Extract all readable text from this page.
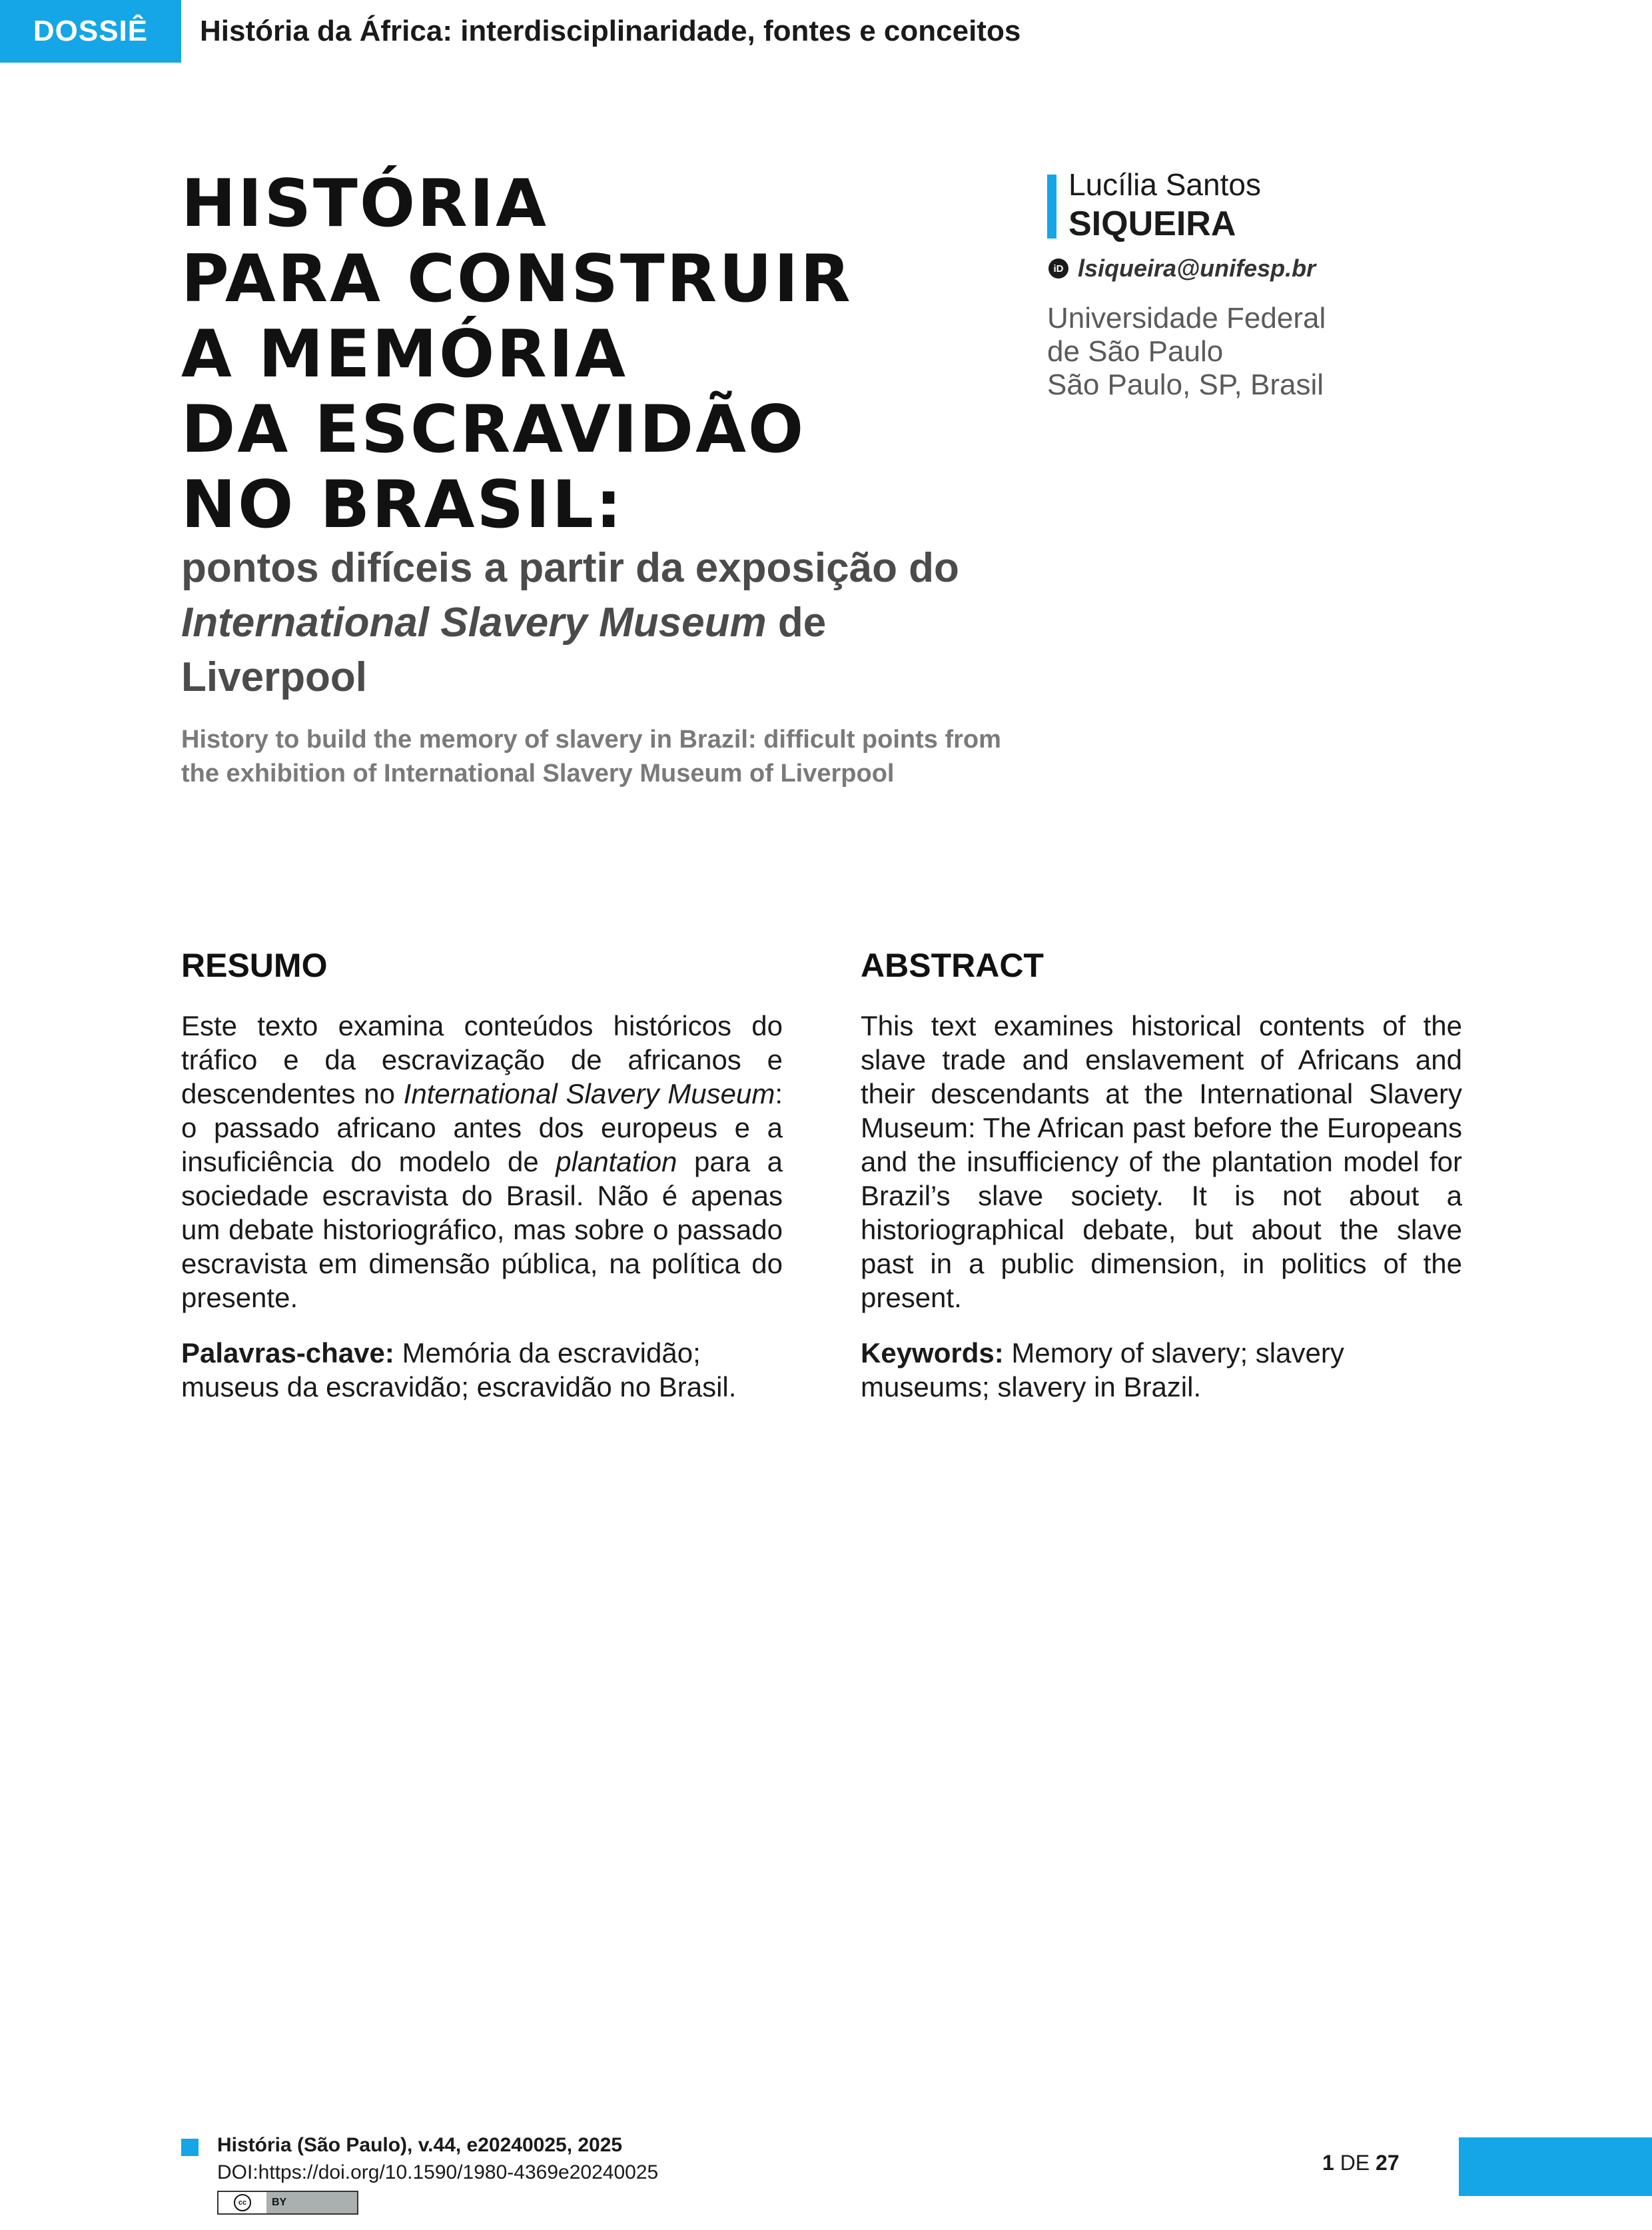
DOSSIÊ	História da África: interdisciplinaridade, fontes e conceitos
HISTÓRIA
PARA CONSTRUIR
A MEMÓRIA
DA ESCRAVIDÃO
NO BRASIL:
pontos difíceis a partir da exposição do International Slavery Museum de Liverpool
History to build the memory of slavery in Brazil: difficult points from the exhibition of International Slavery Museum of Liverpool
Lucília Santos
SIQUEIRA
iD lsiqueira@unifesp.br
Universidade Federal
de São Paulo
São Paulo, SP, Brasil
RESUMO
Este texto examina conteúdos históricos do tráfico e da escravização de africanos e descendentes no International Slavery Museum: o passado africano antes dos europeus e a insuficiência do modelo de plantation para a sociedade escravista do Brasil. Não é apenas um debate historiográfico, mas sobre o passado escravista em dimensão pública, na política do presente.
Palavras-chave: Memória da escravidão; museus da escravidão; escravidão no Brasil.
ABSTRACT
This text examines historical contents of the slave trade and enslavement of Africans and their descendants at the International Slavery Museum: The African past before the Europeans and the insufficiency of the plantation model for Brazil’s slave society. It is not about a historiographical debate, but about the slave past in a public dimension, in politics of the present.
Keywords: Memory of slavery; slavery museums; slavery in Brazil.
História (São Paulo), v.44, e20240025, 2025
DOI:https://doi.org/10.1590/1980-4369e20240025
cc	BY
1 DE 27
